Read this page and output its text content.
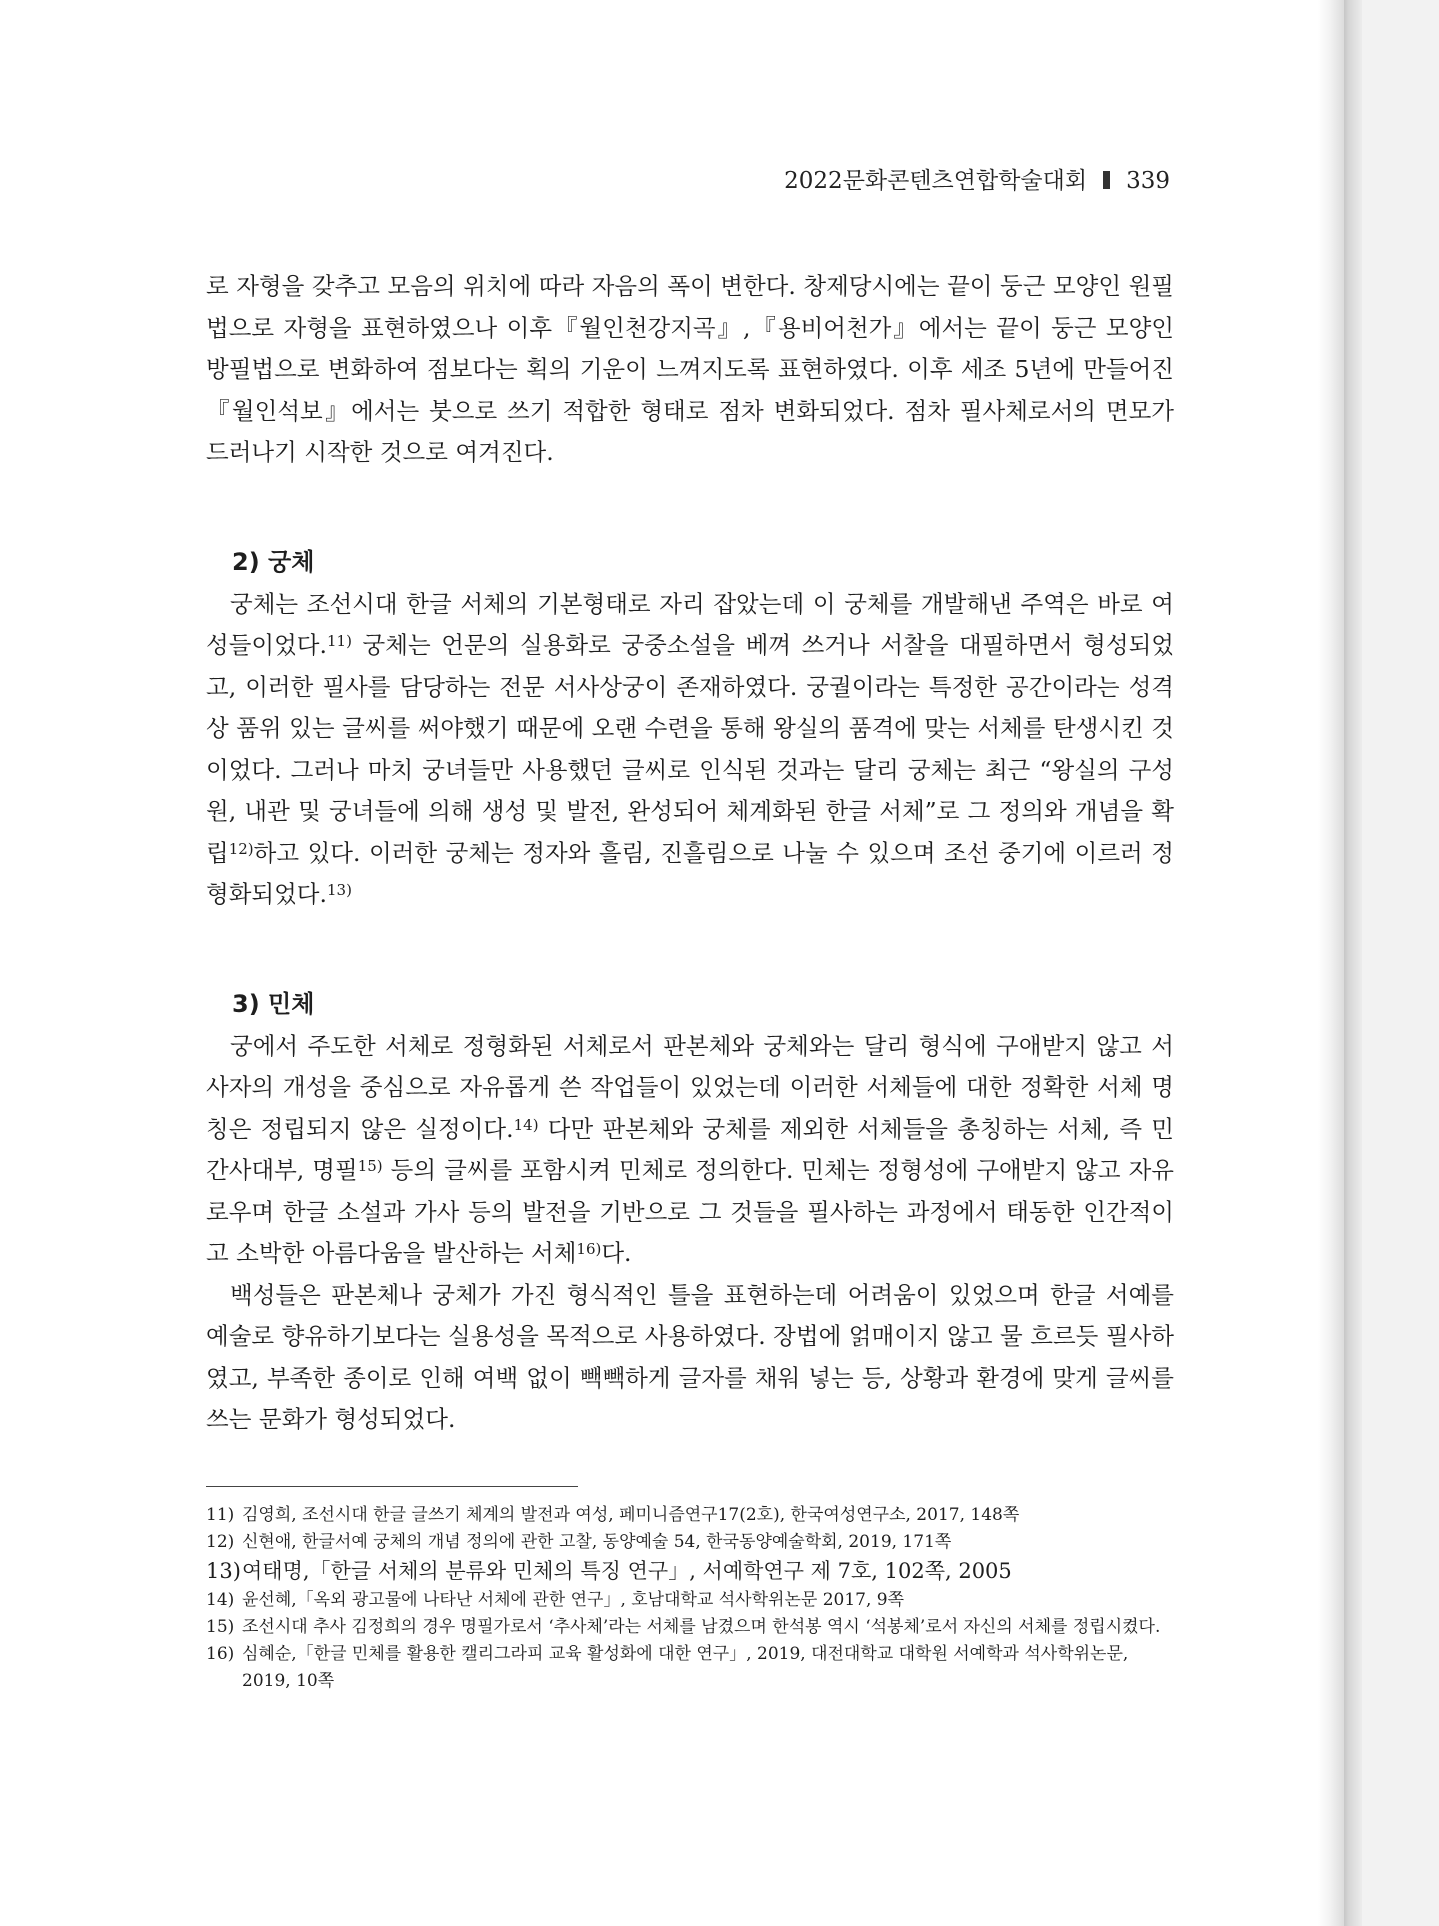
2022문화콘텐츠연합학술대회 339

로 자형을 갖추고 모음의 위치에 따라 자음의 폭이 변한다. 창제당시에는 끝이 둥근 모양인 원필법으로 자형을 표현하였으나 이후『월인천강지곡』,『용비어천가』에서는 끝이 둥근 모양인 방필법으로 변화하여 점보다는 획의 기운이 느껴지도록 표현하였다. 이후 세조 5년에 만들어진『월인석보』에서는 붓으로 쓰기 적합한 형태로 점차 변화되었다. 점차 필사체로서의 면모가 드러나기 시작한 것으로 여겨진다.

2) 궁체

궁체는 조선시대 한글 서체의 기본형태로 자리 잡았는데 이 궁체를 개발해낸 주역은 바로 여성들이었다.$^{11)}$ 궁체는 언문의 실용화로 궁중소설을 베껴 쓰거나 서찰을 대필하면서 형성되었고, 이러한 필사를 담당하는 전문 서사상궁이 존재하였다. 궁궐이라는 특정한 공간이라는 성격상 품위 있는 글씨를 써야했기 때문에 오랜 수련을 통해 왕실의 품격에 맞는 서체를 탄생시킨 것이었다. 그러나 마치 궁녀들만 사용했던 글씨로 인식된 것과는 달리 궁체는 최근 “왕실의 구성원, 내관 및 궁녀들에 의해 생성 및 발전, 완성되어 체계화된 한글 서체”로 그 정의와 개념을 확립$^{12)}$하고 있다. 이러한 궁체는 정자와 흘림, 진흘림으로 나눌 수 있으며 조선 중기에 이르러 정형화되었다.$^{13)}$

3) 민체

궁에서 주도한 서체로 정형화된 서체로서 판본체와 궁체와는 달리 형식에 구애받지 않고 서사자의 개성을 중심으로 자유롭게 쓴 작업들이 있었는데 이러한 서체들에 대한 정확한 서체 명칭은 정립되지 않은 실정이다.$^{14)}$ 다만 판본체와 궁체를 제외한 서체들을 총칭하는 서체, 즉 민간사대부, 명필$^{15)}$ 등의 글씨를 포함시켜 민체로 정의한다. 민체는 정형성에 구애받지 않고 자유로우며 한글 소설과 가사 등의 발전을 기반으로 그 것들을 필사하는 과정에서 태동한 인간적이고 소박한 아름다움을 발산하는 서체$^{16)}$다.

백성들은 판본체나 궁체가 가진 형식적인 틀을 표현하는데 어려움이 있었으며 한글 서예를 예술로 향유하기보다는 실용성을 목적으로 사용하였다. 장법에 얽매이지 않고 물 흐르듯 필사하였고, 부족한 종이로 인해 여백 없이 빽빽하게 글자를 채워 넣는 등, 상황과 환경에 맞게 글씨를 쓰는 문화가 형성되었다.

11) 김영희, 조선시대 한글 글쓰기 체계의 발전과 여성, 페미니즘연구17(2호), 한국여성연구소, 2017, 148쪽
12) 신현애, 한글서예 궁체의 개념 정의에 관한 고찰, 동양예술 54, 한국동양예술학회, 2019, 171쪽
13) 여태명,「한글 서체의 분류와 민체의 특징 연구」, 서예학연구 제 7호, 102쪽, 2005
14) 윤선혜,「옥외 광고물에 나타난 서체에 관한 연구」, 호남대학교 석사학위논문 2017, 9쪽
15) 조선시대 추사 김정희의 경우 명필가로서 ‘추사체’라는 서체를 남겼으며 한석봉 역시 ‘석봉체’로서 자신의 서체를 정립시켰다.
16) 심혜순,「한글 민체를 활용한 캘리그라피 교육 활성화에 대한 연구」, 2019, 대전대학교 대학원 서예학과 석사학위논문, 2019, 10쪽
